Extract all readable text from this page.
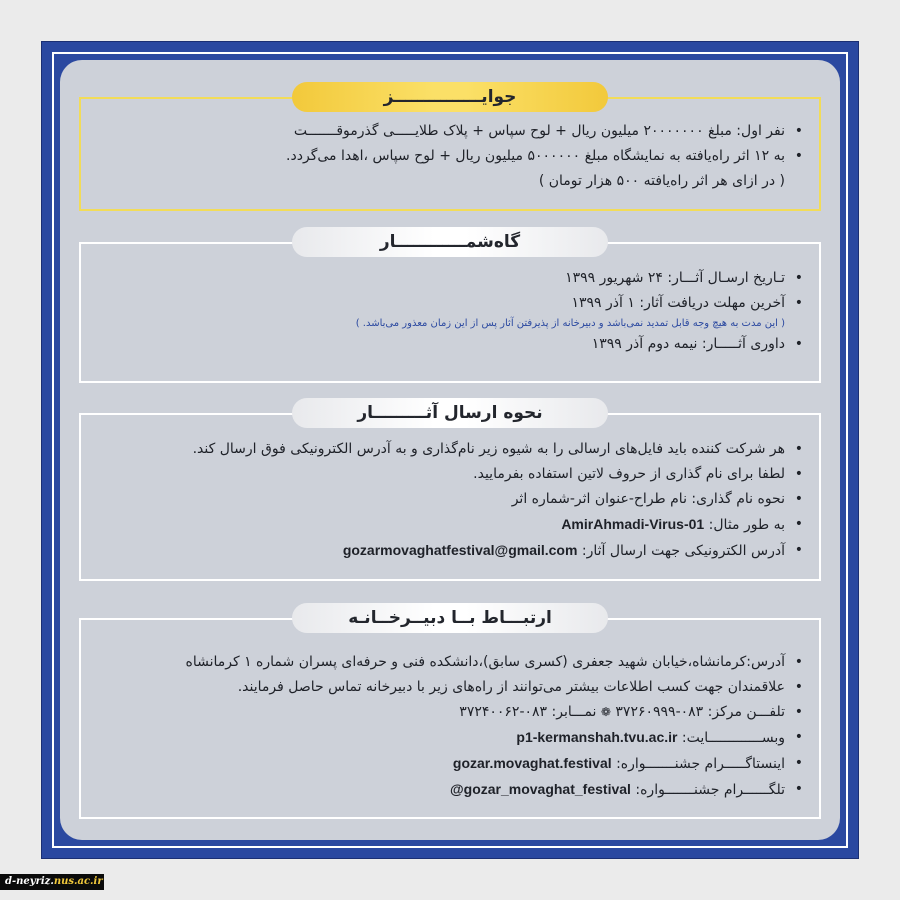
جوایـــــــــــــــز
• نفر اول: مبلغ ۲۰۰۰۰۰۰۰ میلیون ریال + لوح سپاس + پلاک طلایـــــی گذرموقـــــــت
• به ۱۲ اثر راه‌یافته به نمایشگاه مبلغ ۵۰۰۰۰۰۰ میلیون ریال + لوح سپاس ،اهدا می‌گردد.
( در ازای هر اثر راه‌یافته ۵۰۰ هزار تومان )
گاه‌شمــــــــــــار
• تـاریخ ارسـال آثـــار: ۲۴ شهریور ۱۳۹۹
• آخرین مهلت دریافت آثار: ۱ آذر ۱۳۹۹
( این مدت به هیچ وجه قابل تمدید نمی‌باشد و دبیرخانه از پذیرفتن آثار پس از این زمان معذور می‌باشد. )
• داوری آثـــــار: نیمه دوم آذر ۱۳۹۹
نحوه ارسال آثـــــــــار
• هر شرکت کننده باید فایل‌های ارسالی را به شیوه زیر نام‌گذاری و به آدرس الکترونیکی فوق ارسال کند.
• لطفا برای نام گذاری از حروف لاتین استفاده بفرمایید.
• نحوه نام گذاری: نام طراح-عنوان اثر-شماره اثر
• به طور مثال: AmirAhmadi-Virus-01
• آدرس الکترونیکی جهت ارسال آثار: gozarmovaghatfestival@gmail.com
ارتبـــاط بــا دبیــرخــانـه
• آدرس:کرمانشاه،خیابان شهید جعفری (کسری سابق)،دانشکده فنی و حرفه‌ای پسران شماره ۱ کرمانشاه
• علاقمندان جهت کسب اطلاعات بیشتر می‌توانند از راه‌های زیر با دبیرخانه تماس حاصل فرمایند.
• تلفـــن مرکز: ۰۸۳-۳۷۲۶۰۹۹۹ ❁ نمـــابر: ۰۸۳-۳۷۲۴۰۰۶۲
• وبســـــــــــــایت: p1-kermanshah.tvu.ac.ir
• اینستاگـــــرام جشنـــــــواره: gozar.movaghat.festival
• تلگــــــرام جشنـــــــواره: @gozar_movaghat_festival
d-neyriz.nus.ac.ir
